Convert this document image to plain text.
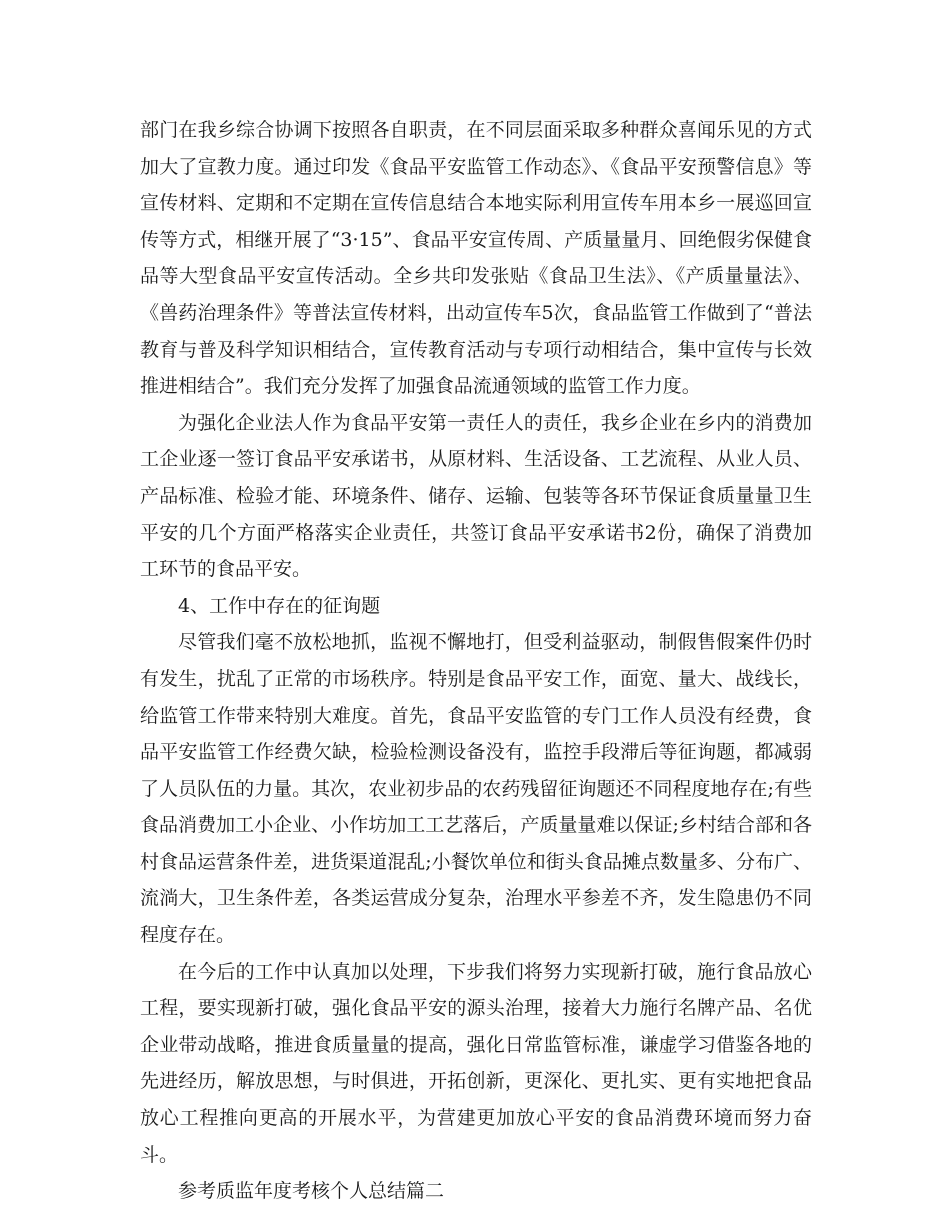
部门在我乡综合协调下按照各自职责，在不同层面采取多种群众喜闻乐见的方式加大了宣教力度。通过印发《食品平安监管工作动态》、《食品平安预警信息》等宣传材料、定期和不定期在宣传信息结合本地实际利用宣传车用本乡一展巡回宣传等方式，相继开展了“3·15”、食品平安宣传周、产质量量月、回绝假劣保健食品等大型食品平安宣传活动。全乡共印发张贴《食品卫生法》、《产质量量法》、《兽药治理条件》等普法宣传材料，出动宣传车5次，食品监管工作做到了“普法教育与普及科学知识相结合，宣传教育活动与专项行动相结合，集中宣传与长效推进相结合”。我们充分发挥了加强食品流通领域的监管工作力度。

为强化企业法人作为食品平安第一责任人的责任，我乡企业在乡内的消费加工企业逐一签订食品平安承诺书，从原材料、生活设备、工艺流程、从业人员、产品标准、检验才能、环境条件、储存、运输、包装等各环节保证食质量量卫生平安的几个方面严格落实企业责任，共签订食品平安承诺书2份，确保了消费加工环节的食品平安。

4、工作中存在的征询题

尽管我们毫不放松地抓，监视不懈地打，但受利益驱动，制假售假案件仍时有发生，扰乱了正常的市场秩序。特别是食品平安工作，面宽、量大、战线长，给监管工作带来特别大难度。首先，食品平安监管的专门工作人员没有经费，食品平安监管工作经费欠缺，检验检测设备没有，监控手段滞后等征询题，都减弱了人员队伍的力量。其次，农业初步品的农药残留征询题还不同程度地存在;有些食品消费加工小企业、小作坊加工工艺落后，产质量量难以保证;乡村结合部和各村食品运营条件差，进货渠道混乱;小餐饮单位和街头食品摊点数量多、分布广、流淌大，卫生条件差，各类运营成分复杂，治理水平参差不齐，发生隐患仍不同程度存在。

在今后的工作中认真加以处理，下步我们将努力实现新打破，施行食品放心工程，要实现新打破，强化食品平安的源头治理，接着大力施行名牌产品、名优企业带动战略，推进食质量量的提高，强化日常监管标准，谦虚学习借鉴各地的先进经历，解放思想，与时俱进，开拓创新，更深化、更扎实、更有实地把食品放心工程推向更高的开展水平，为营建更加放心平安的食品消费环境而努力奋斗。

参考质监年度考核个人总结篇二
